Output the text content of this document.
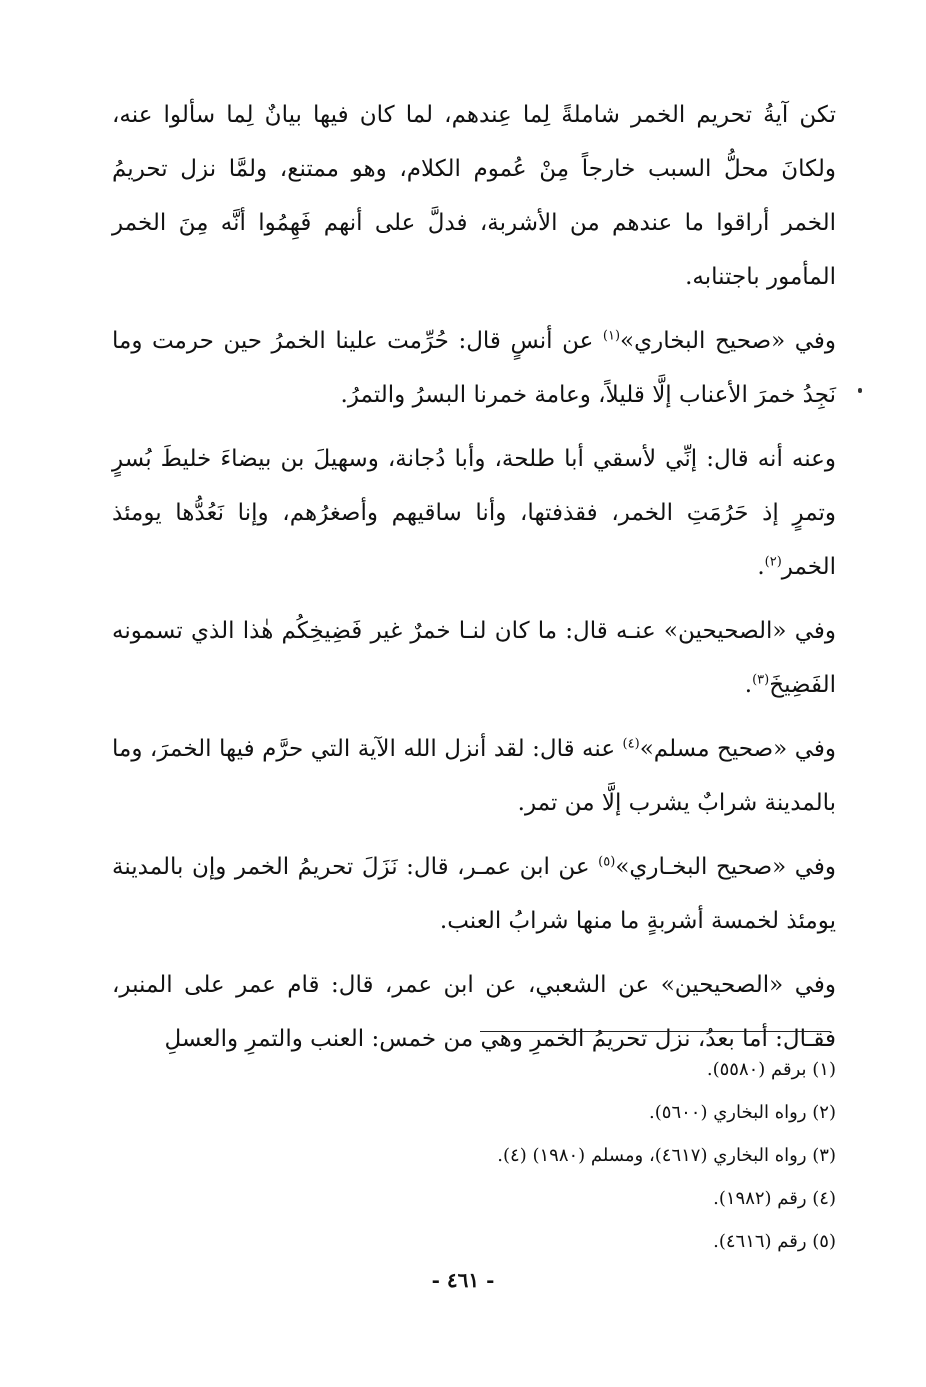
تكن آيةُ تحريم الخمر شاملةً لِما عِندهم، لما كان فيها بيانٌ لِما سألوا عنه، ولكانَ محلُّ السبب خارجاً مِنْ عُموم الكلام، وهو ممتنع، ولمَّا نزل تحريمُ الخمر أراقوا ما عندهم من الأشربة، فدلَّ على أنهم فَهِمُوا أنَّه مِنَ الخمر المأمور باجتنابه.

وفي «صحيح البخاري»$^{(١)}$ عن أنسٍ قال: حُرِّمت علينا الخمرُ حين حرمت وما نَجِدُ خمرَ الأعناب إلَّا قليلاً، وعامة خمرنا البسرُ والتمرُ.

وعنه أنه قال: إنِّي لأسقي أبا طلحة، وأبا دُجانة، وسهيلَ بن بيضاءَ خليطَ بُسرٍ وتمرٍ إذ حَرُمَتِ الخمر، فقذفتها، وأنا ساقيهم وأصغرُهم، وإنا نَعُدُّها يومئذ الخمر$^{(٢)}$.

وفي «الصحيحين» عنـه قال: ما كان لنـا خمرٌ غير فَضِيخِكُم هٰذا الذي تسمونه الفَضِيخَ$^{(٣)}$.

وفي «صحيح مسلم»$^{(٤)}$ عنه قال: لقد أنزل الله الآية التي حرَّم فيها الخمرَ، وما بالمدينة شرابٌ يشرب إلَّا من تمر.

وفي «صحيح البخـاري»$^{(٥)}$ عن ابن عمـر، قال: نَزَلَ تحريمُ الخمر وإن بالمدينة يومئذ لخمسة أشربةٍ ما منها شرابُ العنب.

وفي «الصحيحين» عن الشعبي، عن ابن عمر، قال: قام عمر على المنبر، فقـال: أما بعدُ، نزل تحريمُ الخمرِ وهي من خمس: العنب والتمرِ والعسلِ

(١) برقم (٥٥٨٠).
(٢) رواه البخاري (٥٦٠٠).
(٣) رواه البخاري (٤٦١٧)، ومسلم (١٩٨٠) (٤).
(٤) رقم (١٩٨٢).
(٥) رقم (٤٦١٦).
- ٤٦١ -
